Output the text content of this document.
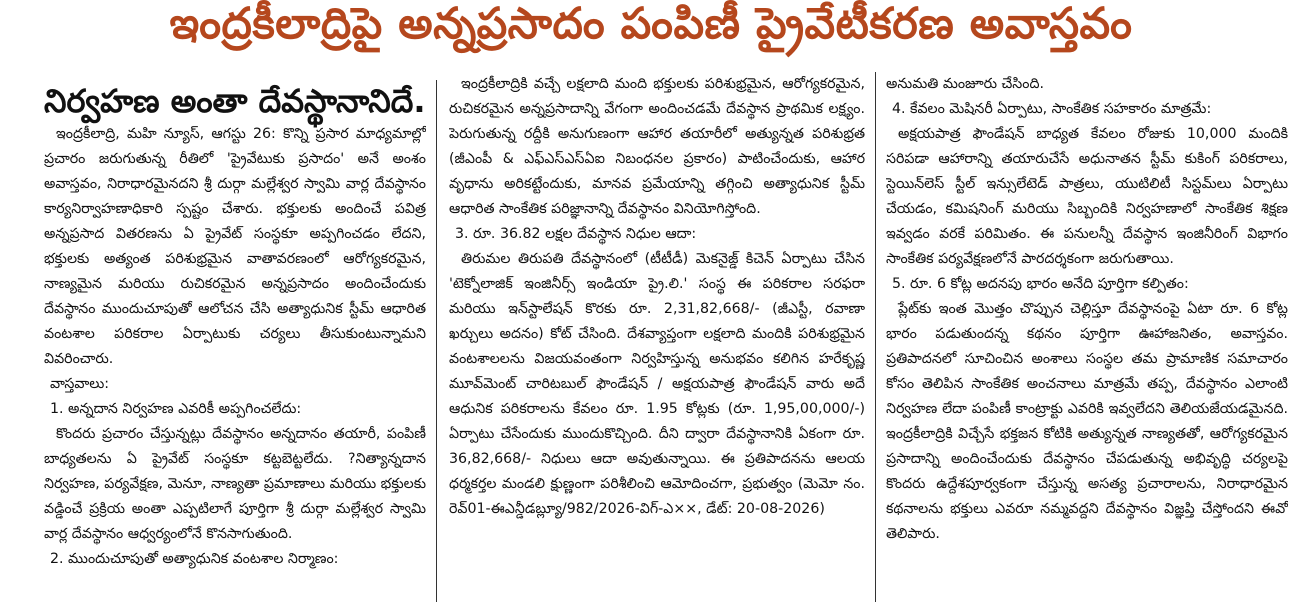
ఇంద్రకీలాద్రిపై అన్నప్రసాదం పంపిణీ ప్రైవేటీకరణ అవాస్తవం
నిర్వహణ అంతా దేవస్థానానిదే.

ఇంద్రకీలాద్రి, మహి న్యూస్, ఆగస్టు 26: కొన్ని ప్రసార మాధ్యమాల్లో ప్రచారం జరుగుతున్న రీతిలో 'ప్రైవేటుకు ప్రసాదం' అనే అంశం అవాస్తవం, నిరాధారమైనదని శ్రీ దుర్గా మల్లేశ్వర స్వామి వార్ల దేవస్థానం కార్యనిర్వాహణాధికారి స్పష్టం చేశారు. భక్తులకు అందించే పవిత్ర అన్నప్రసాద వితరణను ఏ ప్రైవేట్ సంస్థకూ అప్పగించడం లేదని, భక్తులకు అత్యంత పరిశుభ్రమైన వాతావరణంలో ఆరోగ్యకరమైన, నాణ్యమైన మరియు రుచికరమైన అన్నప్రసాదం అందించేందుకు దేవస్థానం ముందుచూపుతో ఆలోచన చేసి అత్యాధునిక స్టీమ్ ఆధారిత వంటశాల పరికరాల ఏర్పాటుకు చర్యలు తీసుకుంటున్నామని వివరించారు.

వాస్తవాలు:

1. అన్నదాన నిర్వహణ ఎవరికీ అప్పగించలేదు:

కొందరు ప్రచారం చేస్తున్నట్లు దేవస్థానం అన్నదానం తయారీ, పంపిణీ బాధ్యతలను ఏ ప్రైవేట్ సంస్థకూ కట్టబెట్టలేదు. ?నిత్యాన్నదాన నిర్వహణ, పర్యవేక్షణ, మెనూ, నాణ్యతా ప్రమాణాలు మరియు భక్తులకు వడ్డించే ప్రక్రియ అంతా ఎప్పటిలాగే పూర్తిగా శ్రీ దుర్గా మల్లేశ్వర స్వామి వార్ల దేవస్థానం ఆధ్వర్యంలోనే కొనసాగుతుంది.

2. ముందుచూపుతో అత్యాధునిక వంటశాల నిర్మాణం:

ఇంద్రకీలాద్రికి వచ్చే లక్షలాది మంది భక్తులకు పరిశుభ్రమైన, ఆరోగ్యకరమైన, రుచికరమైన అన్నప్రసాదాన్ని వేగంగా అందించడమే దేవస్థాన ప్రాథమిక లక్ష్యం. పెరుగుతున్న రద్దీకి అనుగుణంగా ఆహార తయారీలో అత్యున్నత పరిశుభ్రత (జీఎంపీ & ఎఫ్ఎస్ఎస్ఏఐ నిబంధనల ప్రకారం) పాటించేందుకు, ఆహార వృధాను అరికట్టేందుకు, మానవ ప్రమేయాన్ని తగ్గించి అత్యాధునిక స్టీమ్ ఆధారిత సాంకేతిక పరిజ్ఞానాన్ని దేవస్థానం వినియోగిస్తోంది.

3. రూ. 36.82 లక్షల దేవస్థాన నిధుల ఆదా:

తిరుమల తిరుపతి దేవస్థానంలో (టీటీడీ) మెకనైజ్డ్ కిచెన్ ఏర్పాటు చేసిన 'టెక్నోలాజిక్ ఇంజినీర్స్ ఇండియా ప్రై.లి.' సంస్థ ఈ పరికరాల సరఫరా మరియు ఇన్‌స్టాలేషన్ కొరకు రూ. 2,31,82,668/- (జీఎస్టీ, రవాణా ఖర్చులు అదనం) కోట్ చేసింది. దేశవ్యాప్తంగా లక్షలాది మందికి పరిశుభ్రమైన వంటశాలలను విజయవంతంగా నిర్వహిస్తున్న అనుభవం కలిగిన హరేకృష్ణ మూవ్‌మెంట్ చారిటబుల్ ఫౌండేషన్ / అక్షయపాత్ర ఫౌండేషన్ వారు అదే ఆధునిక పరికరాలను కేవలం రూ. 1.95 కోట్లకు (రూ. 1,95,00,000/-) ఏర్పాటు చేసేందుకు ముందుకొచ్చింది. దీని ద్వారా దేవస్థానానికి ఏకంగా రూ. 36,82,668/- నిధులు ఆదా అవుతున్నాయి. ఈ ప్రతిపాదనను ఆలయ ధర్మకర్తల మండలి క్షుణ్ణంగా పరిశీలించి ఆమోదించగా, ప్రభుత్వం (మెమో నం. రెవ్01-ఈఎన్డీడబ్ల్యూ/982/2026-విగ్-ఎ××, డేట్: 20-08-2026)

అనుమతి మంజూరు చేసింది.

4. కేవలం మెషినరీ ఏర్పాటు, సాంకేతిక సహకారం మాత్రమే:

అక్షయపాత్ర ఫౌండేషన్ బాధ్యత కేవలం రోజుకు 10,000 మందికి సరిపడా ఆహారాన్ని తయారుచేసే అధునాతన స్టీమ్ కుకింగ్ పరికరాలు, స్టెయిన్‌లెస్ స్టీల్ ఇన్సులేటెడ్ పాత్రలు, యుటిలిటీ సిస్టమ్‌లు ఏర్పాటు చేయడం, కమిషనింగ్ మరియు సిబ్బందికి నిర్వహణాలో సాంకేతిక శిక్షణ ఇవ్వడం వరకే పరిమితం. ఈ పనులన్నీ దేవస్థాన ఇంజినీరింగ్ విభాగం సాంకేతిక పర్యవేక్షణలోనే పారదర్శకంగా జరుగుతాయి.

5. రూ. 6 కోట్ల అదనపు భారం అనేది పూర్తిగా కల్పితం:

ప్లేట్‌కు ఇంత మొత్తం చొప్పున చెల్లిస్తూ దేవస్థానంపై ఏటా రూ. 6 కోట్ల భారం పడుతుందన్న కథనం పూర్తిగా ఊహాజనితం, అవాస్తవం. ప్రతిపాదనలో సూచించిన అంశాలు సంస్థల తమ ప్రామాణిక సమాచారం కోసం తెలిపిన సాంకేతిక అంచనాలు మాత్రమే తప్ప, దేవస్థానం ఎలాంటి నిర్వహణ లేదా పంపిణీ కాంట్రాక్టు ఎవరికి ఇవ్వలేదని తెలియజేయడమైనది. ఇంద్రకీలాద్రికి విచ్చేసే భక్తజన కోటికి అత్యున్నత నాణ్యతతో, ఆరోగ్యకరమైన ప్రసాదాన్ని అందించేందుకు దేవస్థానం చేపడుతున్న అభివృద్ధి చర్యలపై కొందరు ఉద్దేశపూర్వకంగా చేస్తున్న అసత్య ప్రచారాలను, నిరాధారమైన కథనాలను భక్తులు ఎవరూ నమ్మవద్దని దేవస్థానం విజ్ఞప్తి చేస్తోందని ఈవో తెలిపారు.
